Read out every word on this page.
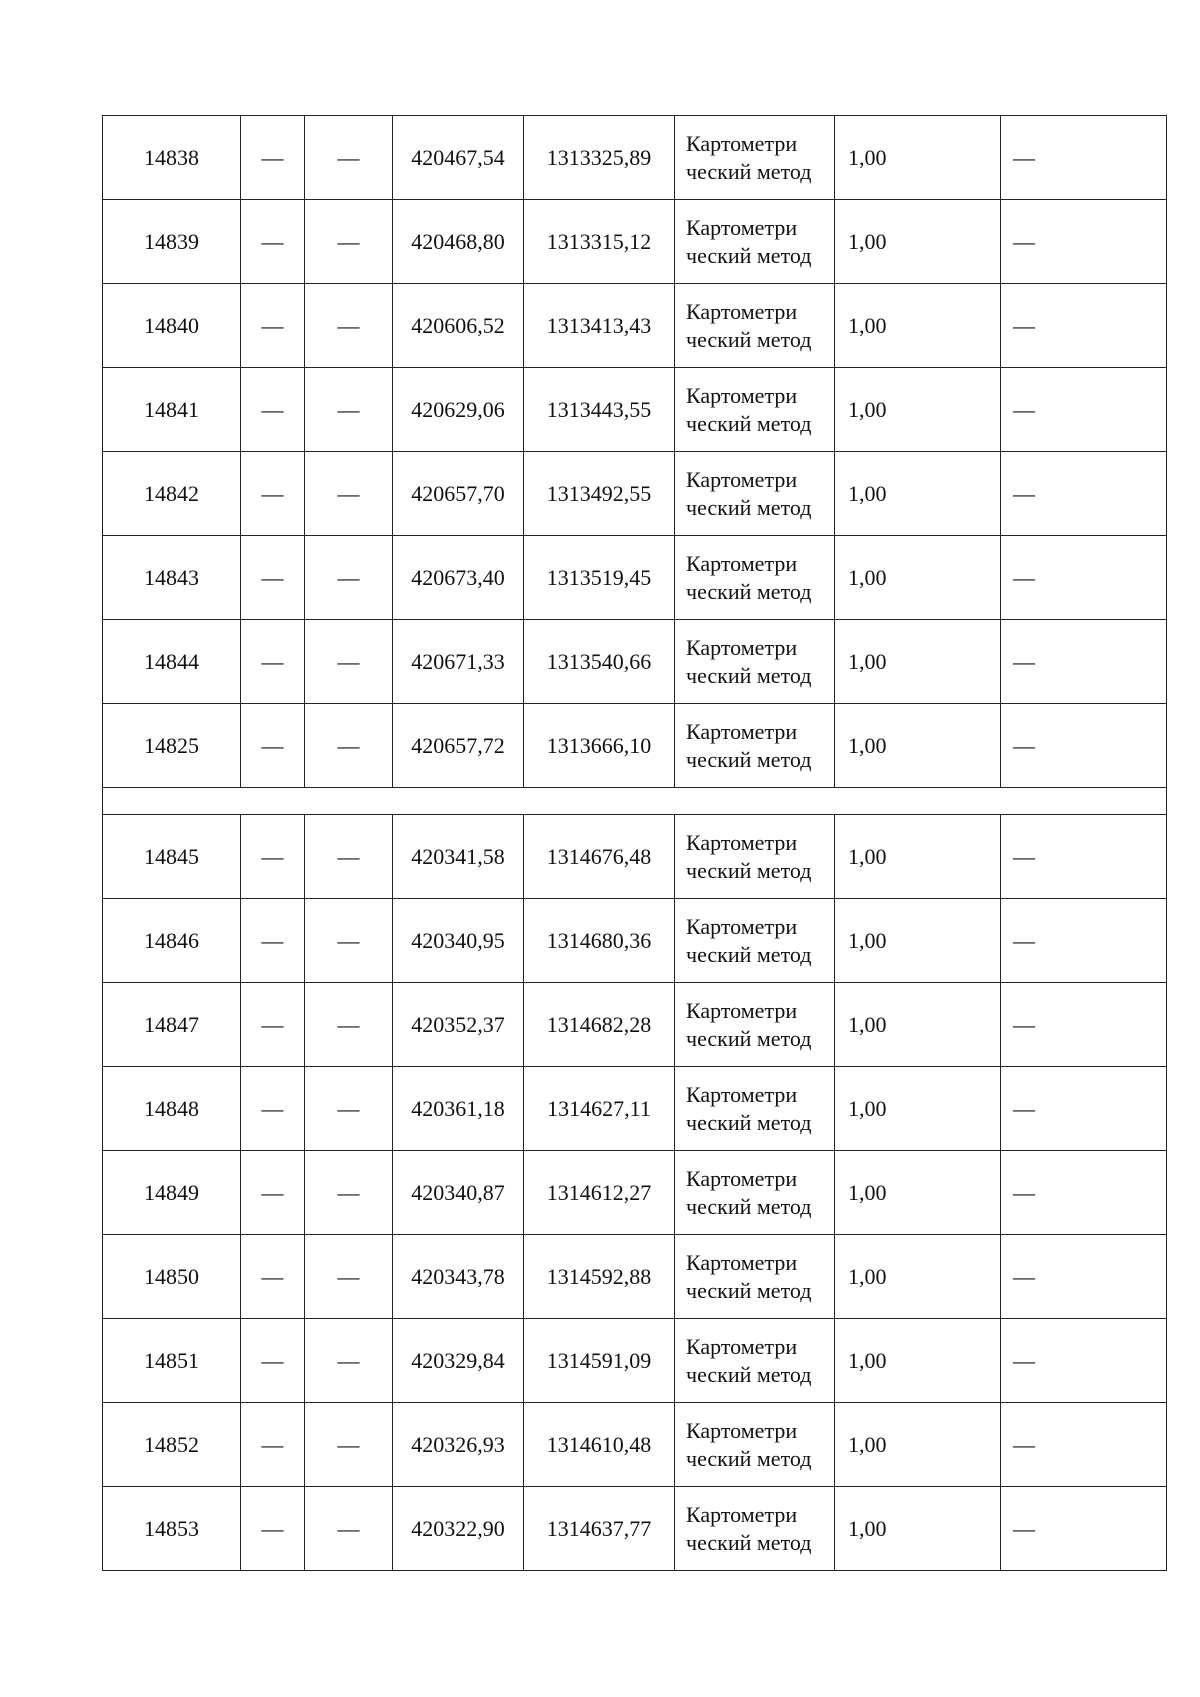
14838	—	—	420467,54	1313325,89	Картометри ческий метод	1,00	—
14839	—	—	420468,80	1313315,12	Картометри ческий метод	1,00	—
14840	—	—	420606,52	1313413,43	Картометри ческий метод	1,00	—
14841	—	—	420629,06	1313443,55	Картометри ческий метод	1,00	—
14842	—	—	420657,70	1313492,55	Картометри ческий метод	1,00	—
14843	—	—	420673,40	1313519,45	Картометри ческий метод	1,00	—
14844	—	—	420671,33	1313540,66	Картометри ческий метод	1,00	—
14825	—	—	420657,72	1313666,10	Картометри ческий метод	1,00	—

14845	—	—	420341,58	1314676,48	Картометри ческий метод	1,00	—
14846	—	—	420340,95	1314680,36	Картометри ческий метод	1,00	—
14847	—	—	420352,37	1314682,28	Картометри ческий метод	1,00	—
14848	—	—	420361,18	1314627,11	Картометри ческий метод	1,00	—
14849	—	—	420340,87	1314612,27	Картометри ческий метод	1,00	—
14850	—	—	420343,78	1314592,88	Картометри ческий метод	1,00	—
14851	—	—	420329,84	1314591,09	Картометри ческий метод	1,00	—
14852	—	—	420326,93	1314610,48	Картометри ческий метод	1,00	—
14853	—	—	420322,90	1314637,77	Картометри ческий метод	1,00	—
